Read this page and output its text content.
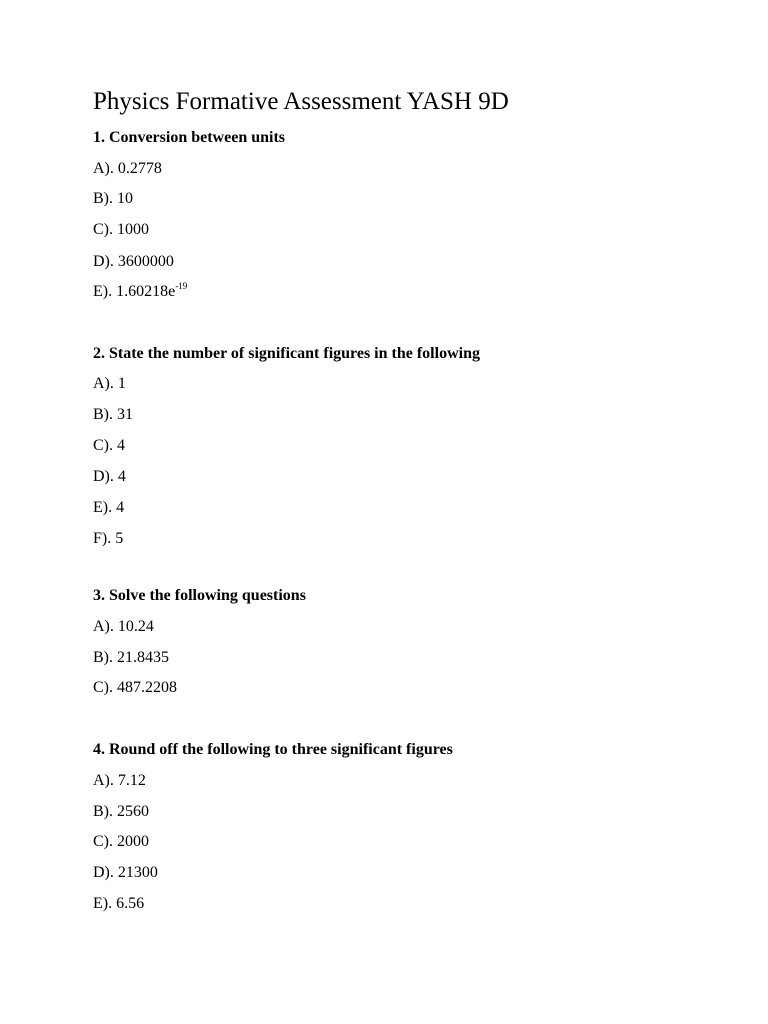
Physics Formative Assessment YASH 9D
1. Conversion between units
A). 0.2778
B). 10
C). 1000
D). 3600000
E). $1.60218e^{-19}$
2. State the number of significant figures in the following
A). 1
B). 31
C). 4
D). 4
E). 4
F). 5
3. Solve the following questions
A). 10.24
B). 21.8435
C). 487.2208
4. Round off the following to three significant figures
A). 7.12
B). 2560
C). 2000
D). 21300
E). 6.56
